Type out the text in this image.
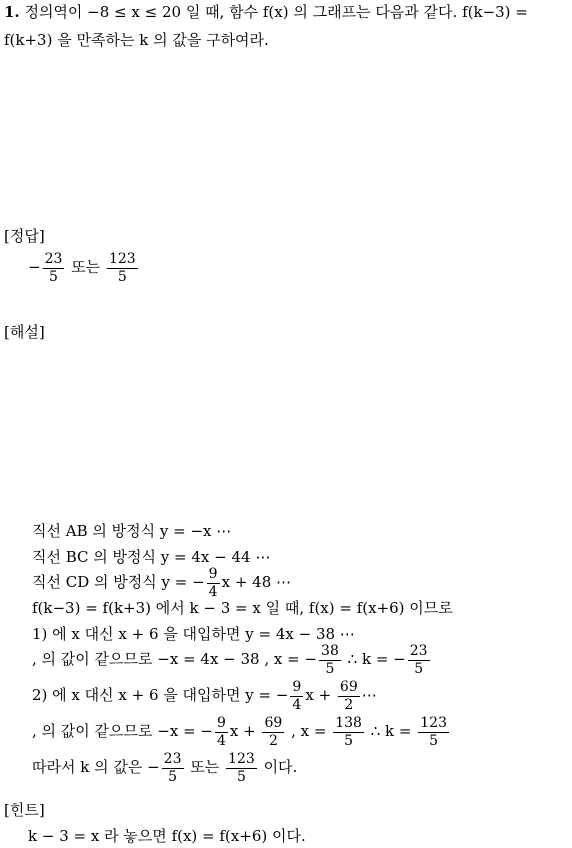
1. 정의역이 −8 ≤ x ≤ 20 일 때, 함수 f(x) 의 그래프는 다음과 같다. f(k−3) =
f(k+3) 을 만족하는 k 의 값을 구하여라.
[정답]
− $\frac{23}{5}$ 또는 $\frac{123}{5}$
[해설]
직선 AB 의 방정식 y = −x ⋯
직선 BC 의 방정식 y = 4x − 44 ⋯
직선 CD 의 방정식 y = − $\frac{9}{4}$ x + 48 ⋯
f(k−3) = f(k+3) 에서 k − 3 = x 일 때, f(x) = f(x+6) 이므로
1) 에 x 대신 x + 6 을 대입하면 y = 4x − 38 ⋯
, 의 값이 같으므로 −x = 4x − 38 , x = − $\frac{38}{5}$ ∴ k = − $\frac{23}{5}$
2) 에 x 대신 x + 6 을 대입하면 y = − $\frac{9}{4}$ $x + \frac{69}{2}$ ⋯
, 의 값이 같으므로 −x = − $\frac{9}{4}$ $x + \frac{69}{2}$ , $x = \frac{138}{5}$ ∴ $k = \frac{123}{5}$
따라서 k 의 값은 − $\frac{23}{5}$ 또는 $\frac{123}{5}$ 이다.
[힌트]
k − 3 = x 라 놓으면 f(x) = f(x+6) 이다.
